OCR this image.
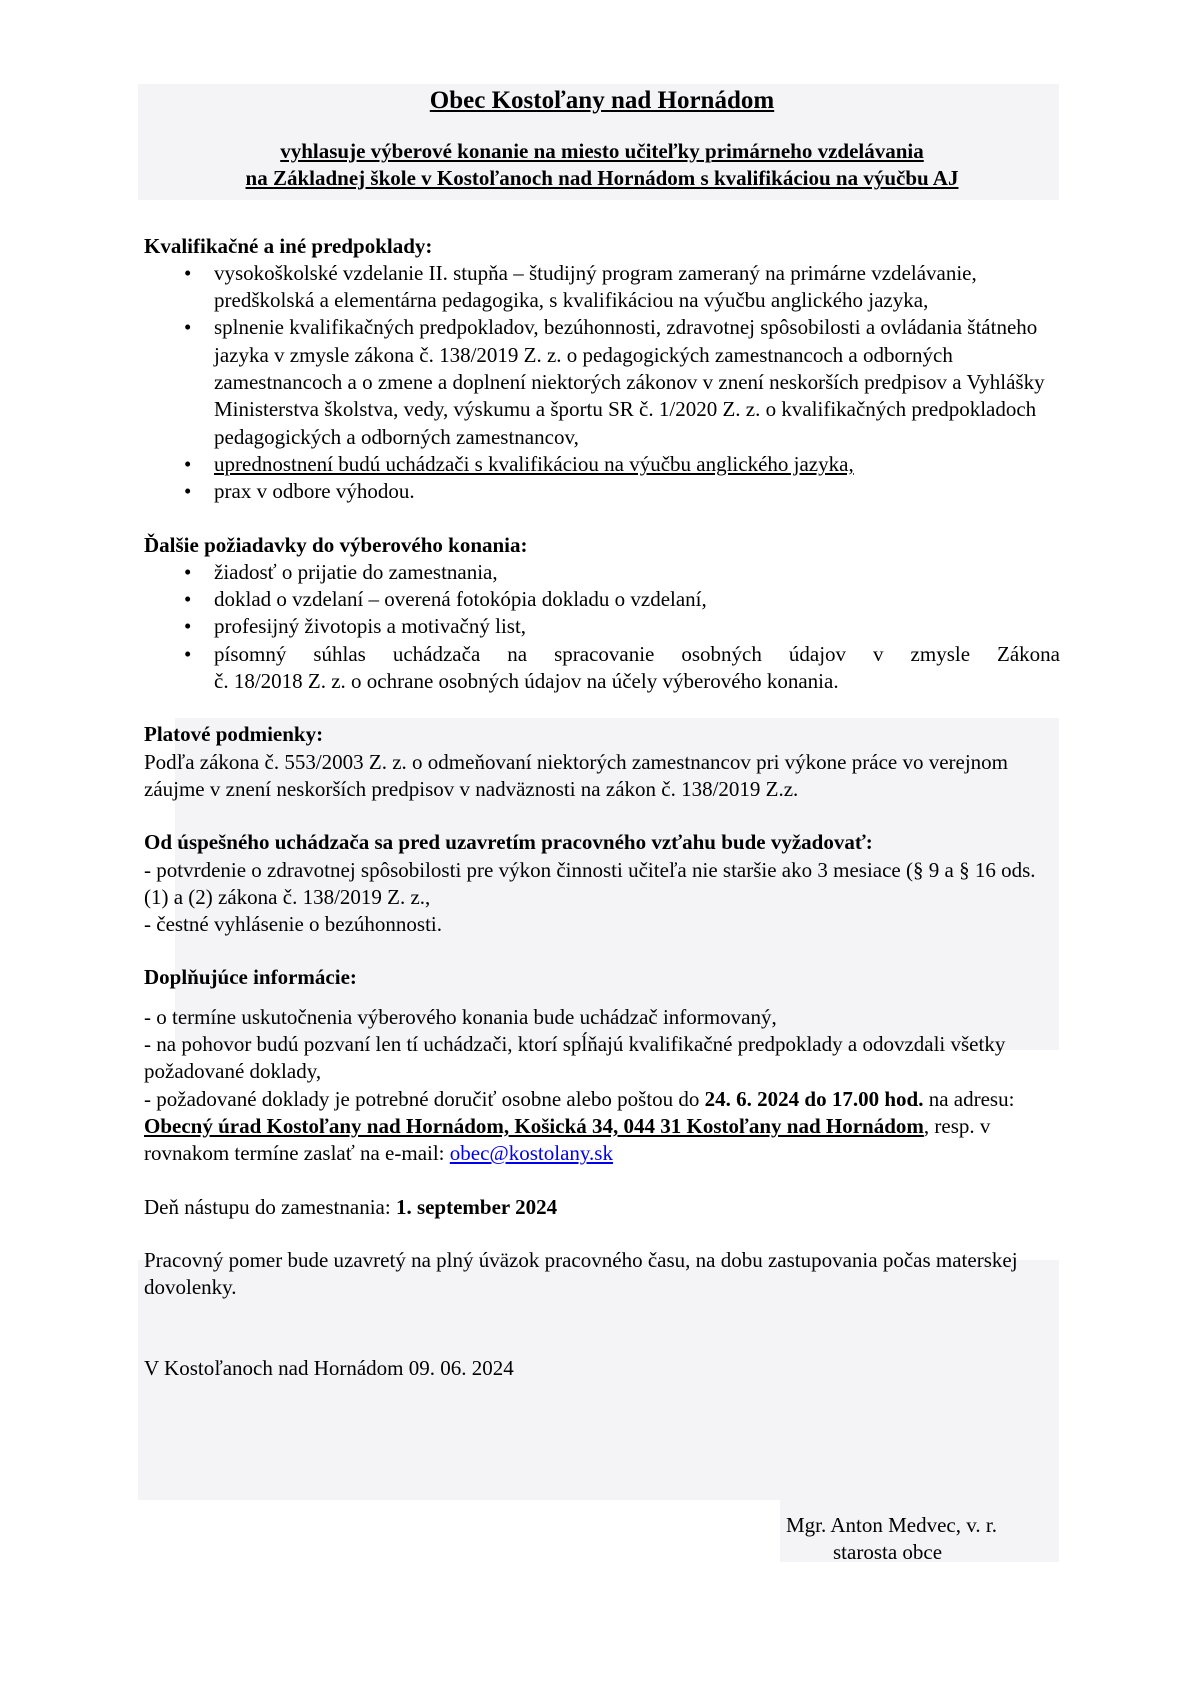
Obec Kostoľany nad Hornádom

vyhlasuje výberové konanie na miesto učiteľky primárneho vzdelávania

na Základnej škole v Kostoľanoch nad Hornádom s kvalifikáciou na výučbu AJ

Kvalifikačné a iné predpoklady:

• vysokoškolské vzdelanie II. stupňa – študijný program zameraný na primárne vzdelávanie, predškolská a elementárna pedagogika, s kvalifikáciou na výučbu anglického jazyka,
• splnenie kvalifikačných predpokladov, bezúhonnosti, zdravotnej spôsobilosti a ovládania štátneho jazyka v zmysle zákona č. 138/2019 Z. z. o pedagogických zamestnancoch a odborných zamestnancoch a o zmene a doplnení niektorých zákonov v znení neskorších predpisov a Vyhlášky Ministerstva školstva, vedy, výskumu a športu SR č. 1/2020 Z. z. o kvalifikačných predpokladoch pedagogických a odborných zamestnancov,
• uprednostnení budú uchádzači s kvalifikáciou na výučbu anglického jazyka,
• prax v odbore výhodou.

Ďalšie požiadavky do výberového konania:

• žiadosť o prijatie do zamestnania,
• doklad o vzdelaní – overená fotokópia dokladu o vzdelaní,
• profesijný životopis a motivačný list,
• písomný súhlas uchádzača na spracovanie osobných údajov v zmysle Zákona
č. 18/2018 Z. z. o ochrane osobných údajov na účely výberového konania.

Platové podmienky:

Podľa zákona č. 553/2003 Z. z. o odmeňovaní niektorých zamestnancov pri výkone práce vo verejnom záujme v znení neskorších predpisov v nadväznosti na zákon č. 138/2019 Z.z.

Od úspešného uchádzača sa pred uzavretím pracovného vzťahu bude vyžadovať:

- potvrdenie o zdravotnej spôsobilosti pre výkon činnosti učiteľa nie staršie ako 3 mesiace (§ 9 a § 16 ods. (1) a (2) zákona č. 138/2019 Z. z.,

- čestné vyhlásenie o bezúhonnosti.

Doplňujúce informácie:

- o termíne uskutočnenia výberového konania bude uchádzač informovaný,

- na pohovor budú pozvaní len tí uchádzači, ktorí spĺňajú kvalifikačné predpoklady a odovzdali všetky požadované doklady,

- požadované doklady je potrebné doručiť osobne alebo poštou do 24. 6. 2024 do 17.00 hod. na adresu: Obecný úrad Kostoľany nad Hornádom, Košická 34, 044 31 Kostoľany nad Hornádom, resp. v rovnakom termíne zaslať na e-mail: obec@kostolany.sk

Deň nástupu do zamestnania: 1. september 2024

Pracovný pomer bude uzavretý na plný úväzok pracovného času, na dobu zastupovania počas materskej dovolenky.

V Kostoľanoch nad Hornádom 09. 06. 2024

Mgr. Anton Medvec, v. r.
starosta obce
